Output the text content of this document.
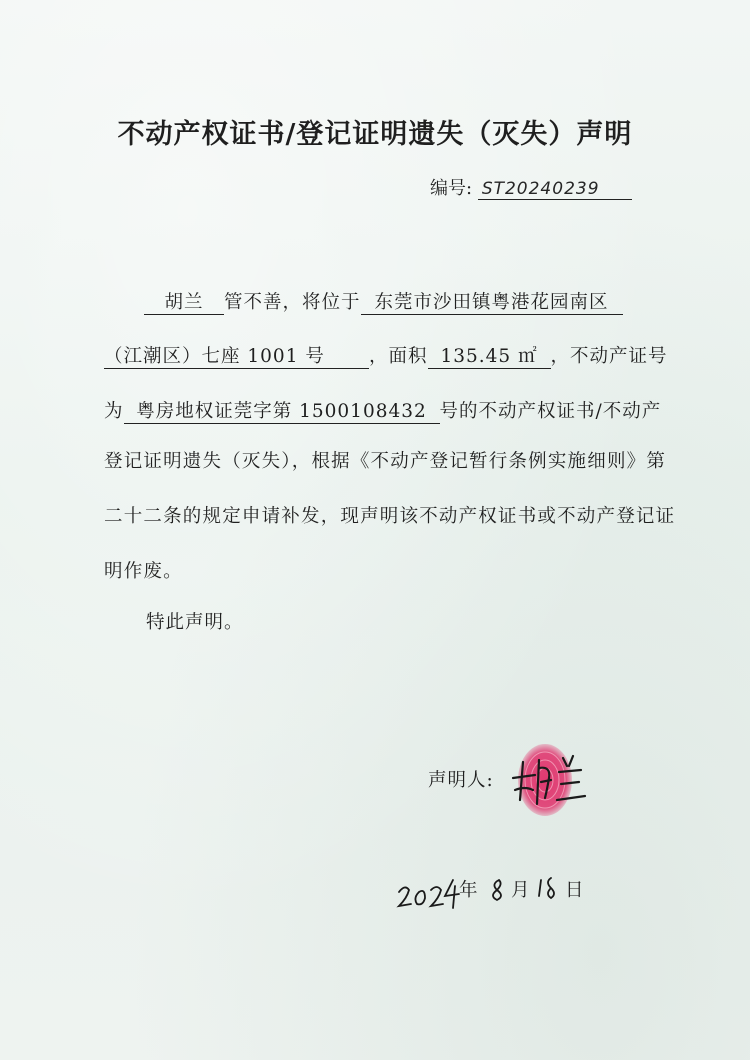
不动产权证书/登记证明遗失（灭失）声明
编号: ST20240239
胡兰 管不善，将位于 东莞市沙田镇粤港花园南区
（江潮区）七座 1001 号 ，面积 135.45 ㎡ ，不动产证号
为 粤房地权证莞字第 1500108432 号的不动产权证书/不动产
登记证明遗失（灭失），根据《不动产登记暂行条例实施细则》第二十二条的规定申请补发，现声明该不动产权证书或不动产登记证明作废。
特此声明。
声明人:
年 月 日
